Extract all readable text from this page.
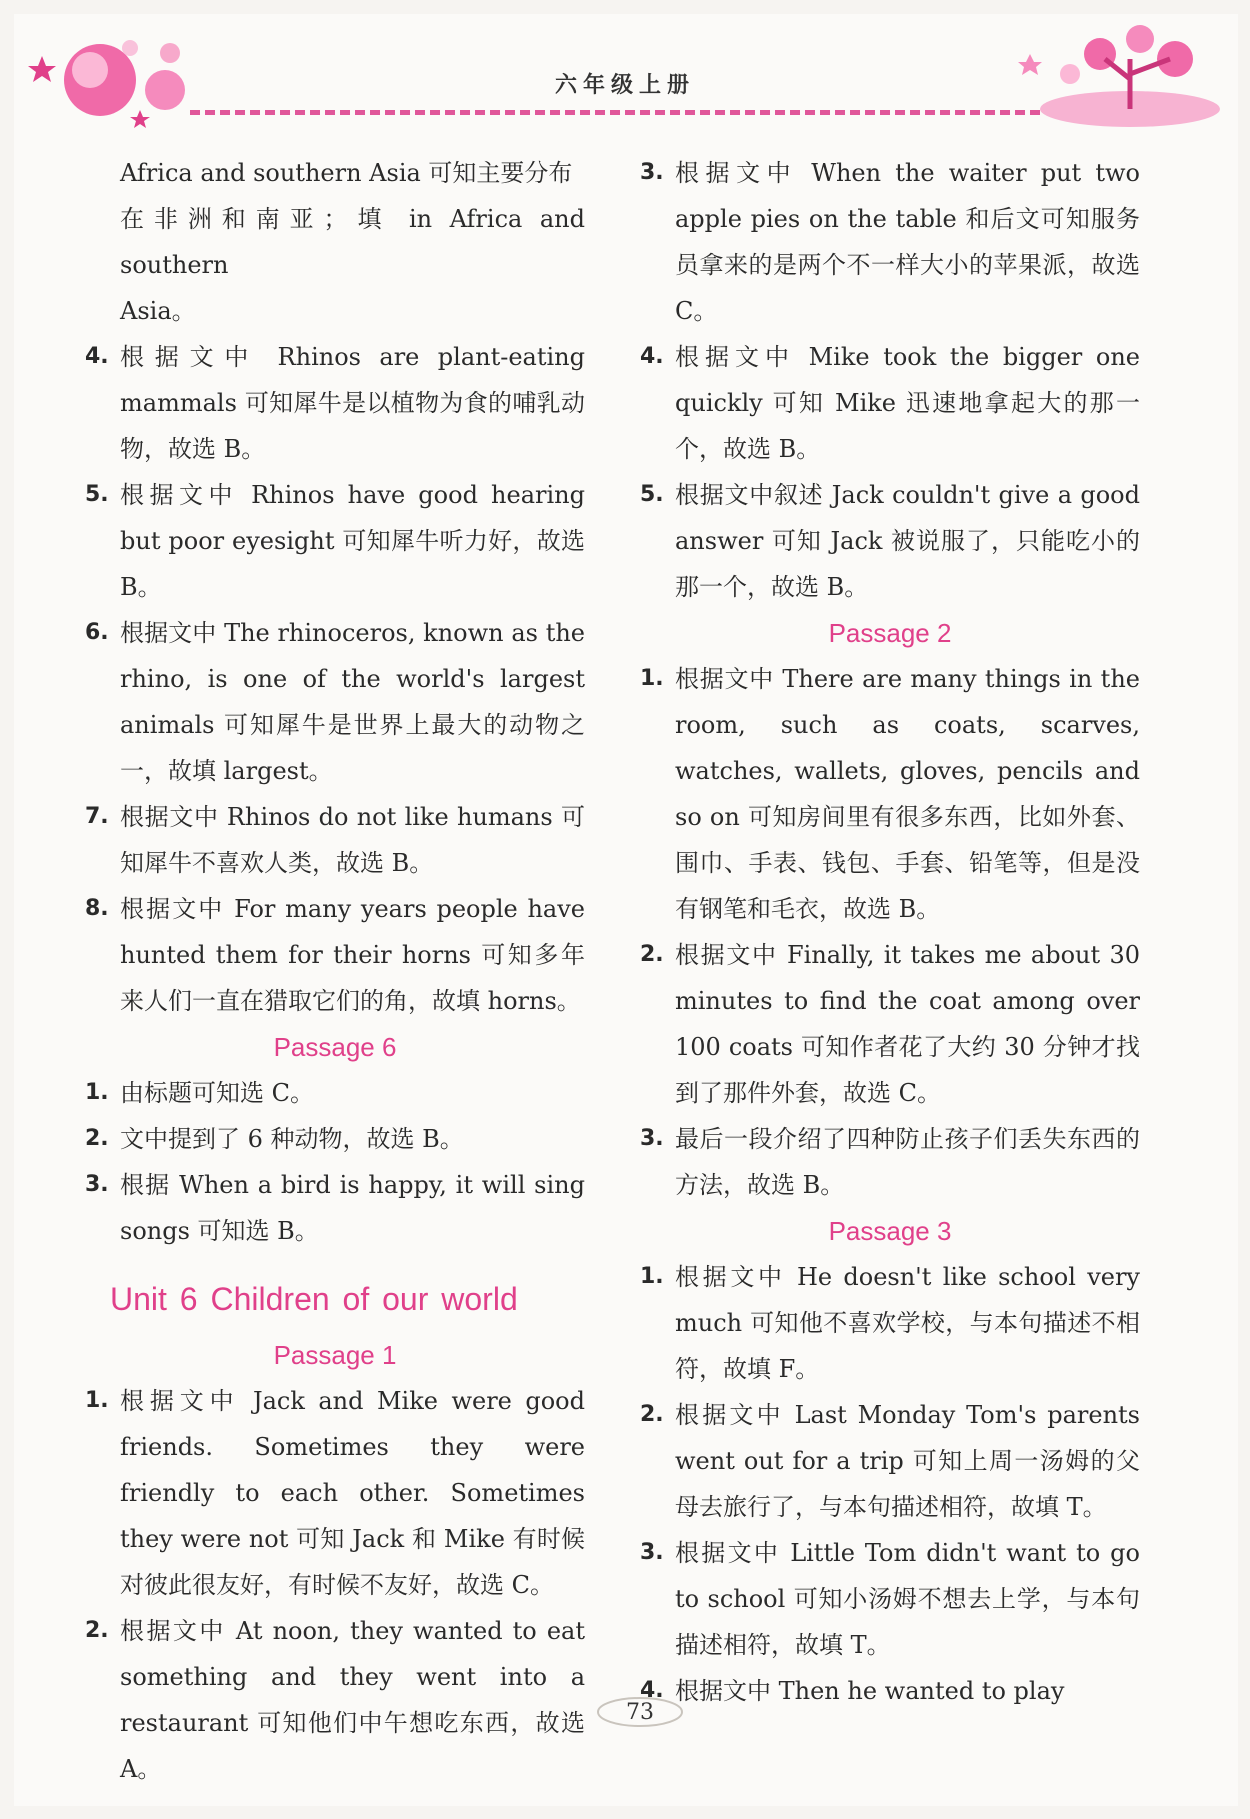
六年级上册

Africa and southern Asia 可知主要分布

在非洲和南亚；填 in Africa and southern

Asia。

4. 根据文中 Rhinos are plant-eating mammals 可知犀牛是以植物为食的哺乳动物，故选 B。
5. 根据文中 Rhinos have good hearing but poor eyesight 可知犀牛听力好，故选 B。
6. 根据文中 The rhinoceros, known as the rhino, is one of the world's largest animals 可知犀牛是世界上最大的动物之一，故填 largest。
7. 根据文中 Rhinos do not like humans 可知犀牛不喜欢人类，故选 B。
8. 根据文中 For many years people have hunted them for their horns 可知多年来人们一直在猎取它们的角，故填 horns。

Passage 6

1. 由标题可知选 C。
2. 文中提到了 6 种动物，故选 B。
3. 根据 When a bird is happy, it will sing songs 可知选 B。

Unit 6 Children of our world

Passage 1

1. 根据文中 Jack and Mike were good friends. Sometimes they were friendly to each other. Sometimes they were not 可知 Jack 和 Mike 有时候对彼此很友好，有时候不友好，故选 C。
2. 根据文中 At noon, they wanted to eat something and they went into a restaurant 可知他们中午想吃东西，故选 A。
3. 根据文中 When the waiter put two apple pies on the table 和后文可知服务员拿来的是两个不一样大小的苹果派，故选 C。
4. 根据文中 Mike took the bigger one quickly 可知 Mike 迅速地拿起大的那一个，故选 B。
5. 根据文中叙述 Jack couldn't give a good answer 可知 Jack 被说服了，只能吃小的那一个，故选 B。

Passage 2

1. 根据文中 There are many things in the room, such as coats, scarves, watches, wallets, gloves, pencils and so on 可知房间里有很多东西，比如外套、围巾、手表、钱包、手套、铅笔等，但是没有钢笔和毛衣，故选 B。
2. 根据文中 Finally, it takes me about 30 minutes to find the coat among over 100 coats 可知作者花了大约 30 分钟才找到了那件外套，故选 C。
3. 最后一段介绍了四种防止孩子们丢失东西的方法，故选 B。

Passage 3

1. 根据文中 He doesn't like school very much 可知他不喜欢学校，与本句描述不相符，故填 F。
2. 根据文中 Last Monday Tom's parents went out for a trip 可知上周一汤姆的父母去旅行了，与本句描述相符，故填 T。
3. 根据文中 Little Tom didn't want to go to school 可知小汤姆不想去上学，与本句描述相符，故填 T。
4. 根据文中 Then he wanted to play
73
